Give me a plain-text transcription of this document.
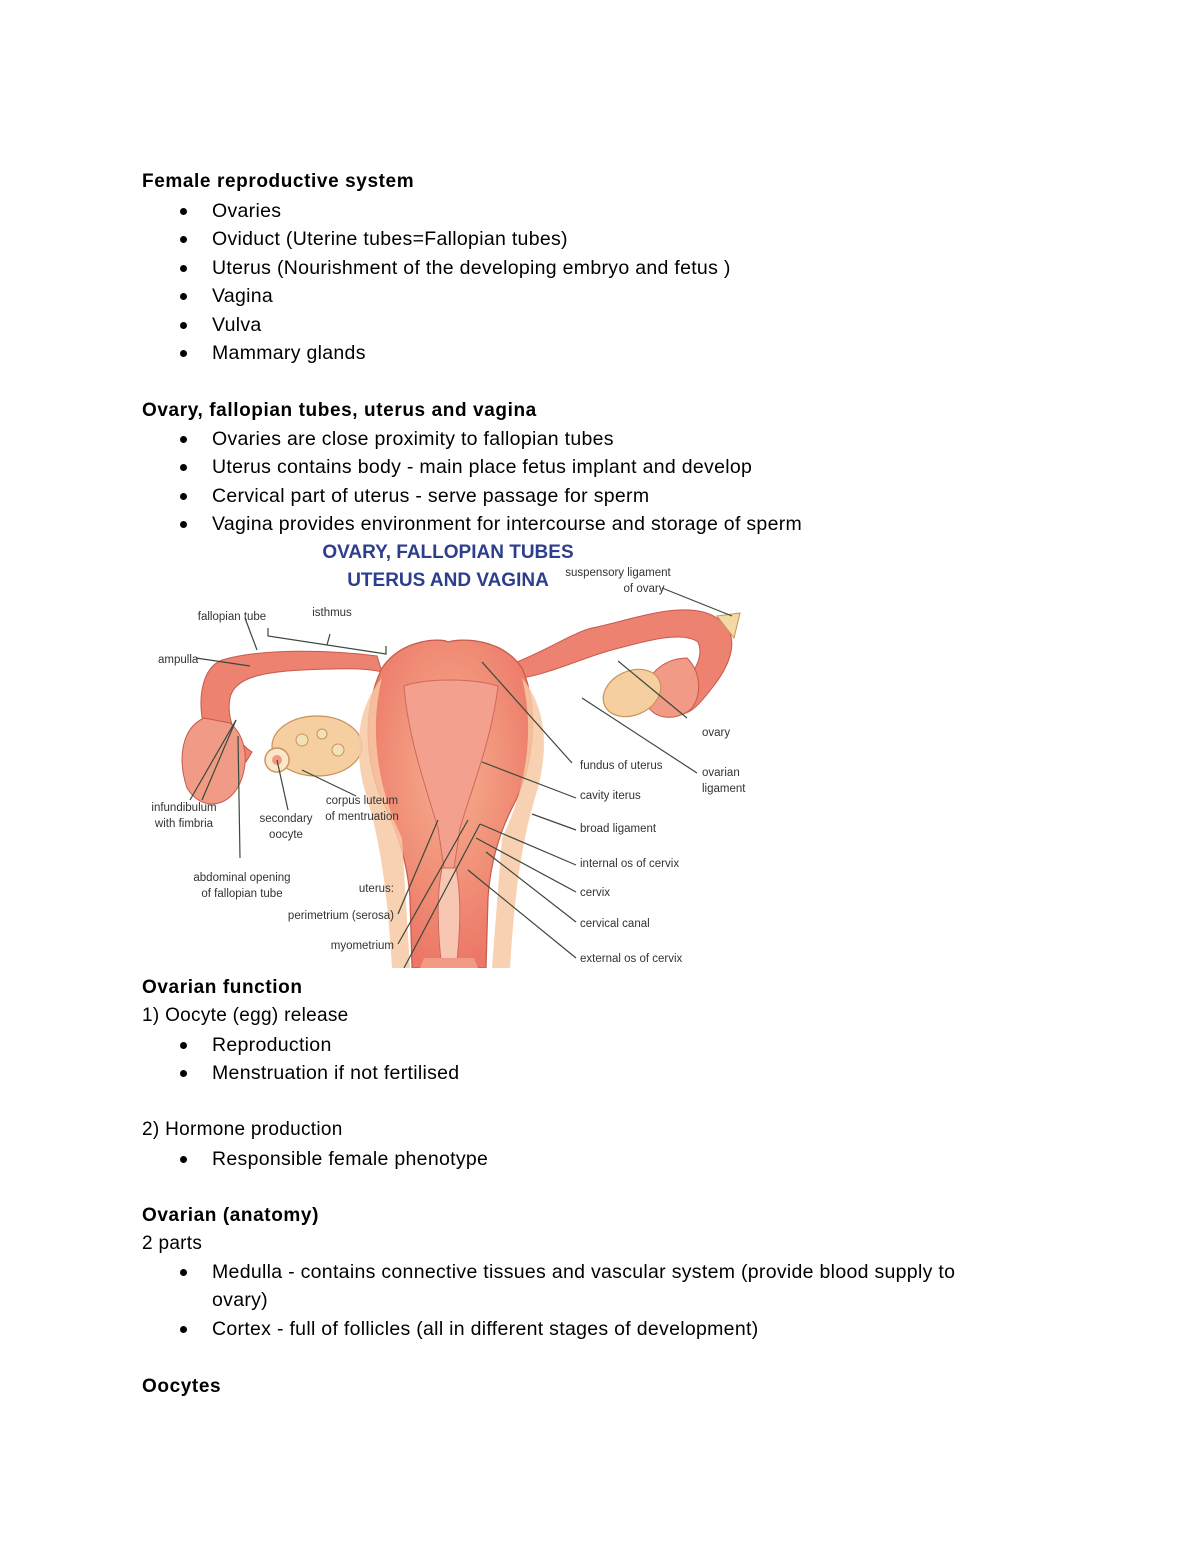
Female reproductive system
Ovaries
Oviduct (Uterine tubes=Fallopian tubes)
Uterus (Nourishment of the developing embryo and fetus )
Vagina
Vulva
Mammary glands
Ovary, fallopian tubes, uterus and vagina
Ovaries are close proximity to fallopian tubes
Uterus contains body - main place fetus implant and develop
Cervical part of uterus - serve passage for sperm
Vagina provides environment for intercourse and storage of sperm
OVARY, FALLOPIAN TUBES
UTERUS AND VAGINA suspensory ligament
of ovary
fallopian tube	isthmus
ampulla
ovary
fundus of uterus
ovarian
ligament
cavity iterus
infundibulum
with fimbria	secondary
oocyte
corpus luteum
of mentruation
broad ligament
internal os of cervix
abdominal opening
of fallopian tube	uterus:	cervix
perimetrium (serosa)
cervical canal
myometrium
external os of cervix
Ovarian function
1) Oocyte (egg) release
Reproduction
Menstruation if not fertilised
2) Hormone production
Responsible female phenotype
Ovarian (anatomy)
2 parts
Medulla - contains connective tissues and vascular system (provide blood supply to ovary)
Cortex - full of follicles (all in different stages of development)
Oocytes
